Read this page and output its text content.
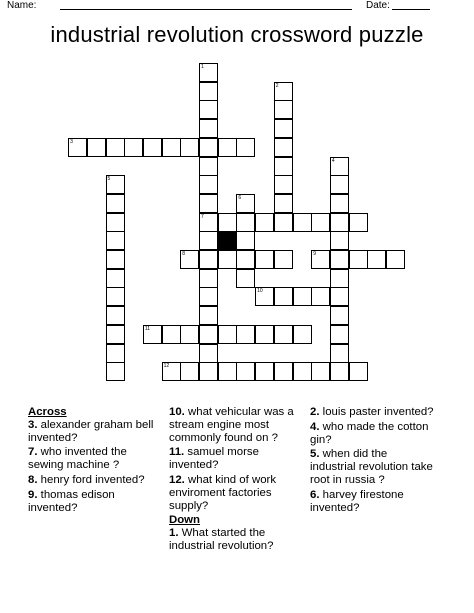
Name:	Date:
industrial revolution crossword puzzle
1
7
2
3
4
5
6
8	9
10
11
12
Across
3. alexander graham bell invented?
7. who invented the sewing machine ?
8. henry ford invented?
9. thomas edison invented?
10. what vehicular was a stream engine most commonly found on ?
11. samuel morse invented?
12. what kind of work enviroment factories supply?
Down
1. What started the industrial revolution?
2. louis paster invented?
4. who made the cotton gin?
5. when did the industrial revolution take root in russia ?
6. harvey firestone invented?
